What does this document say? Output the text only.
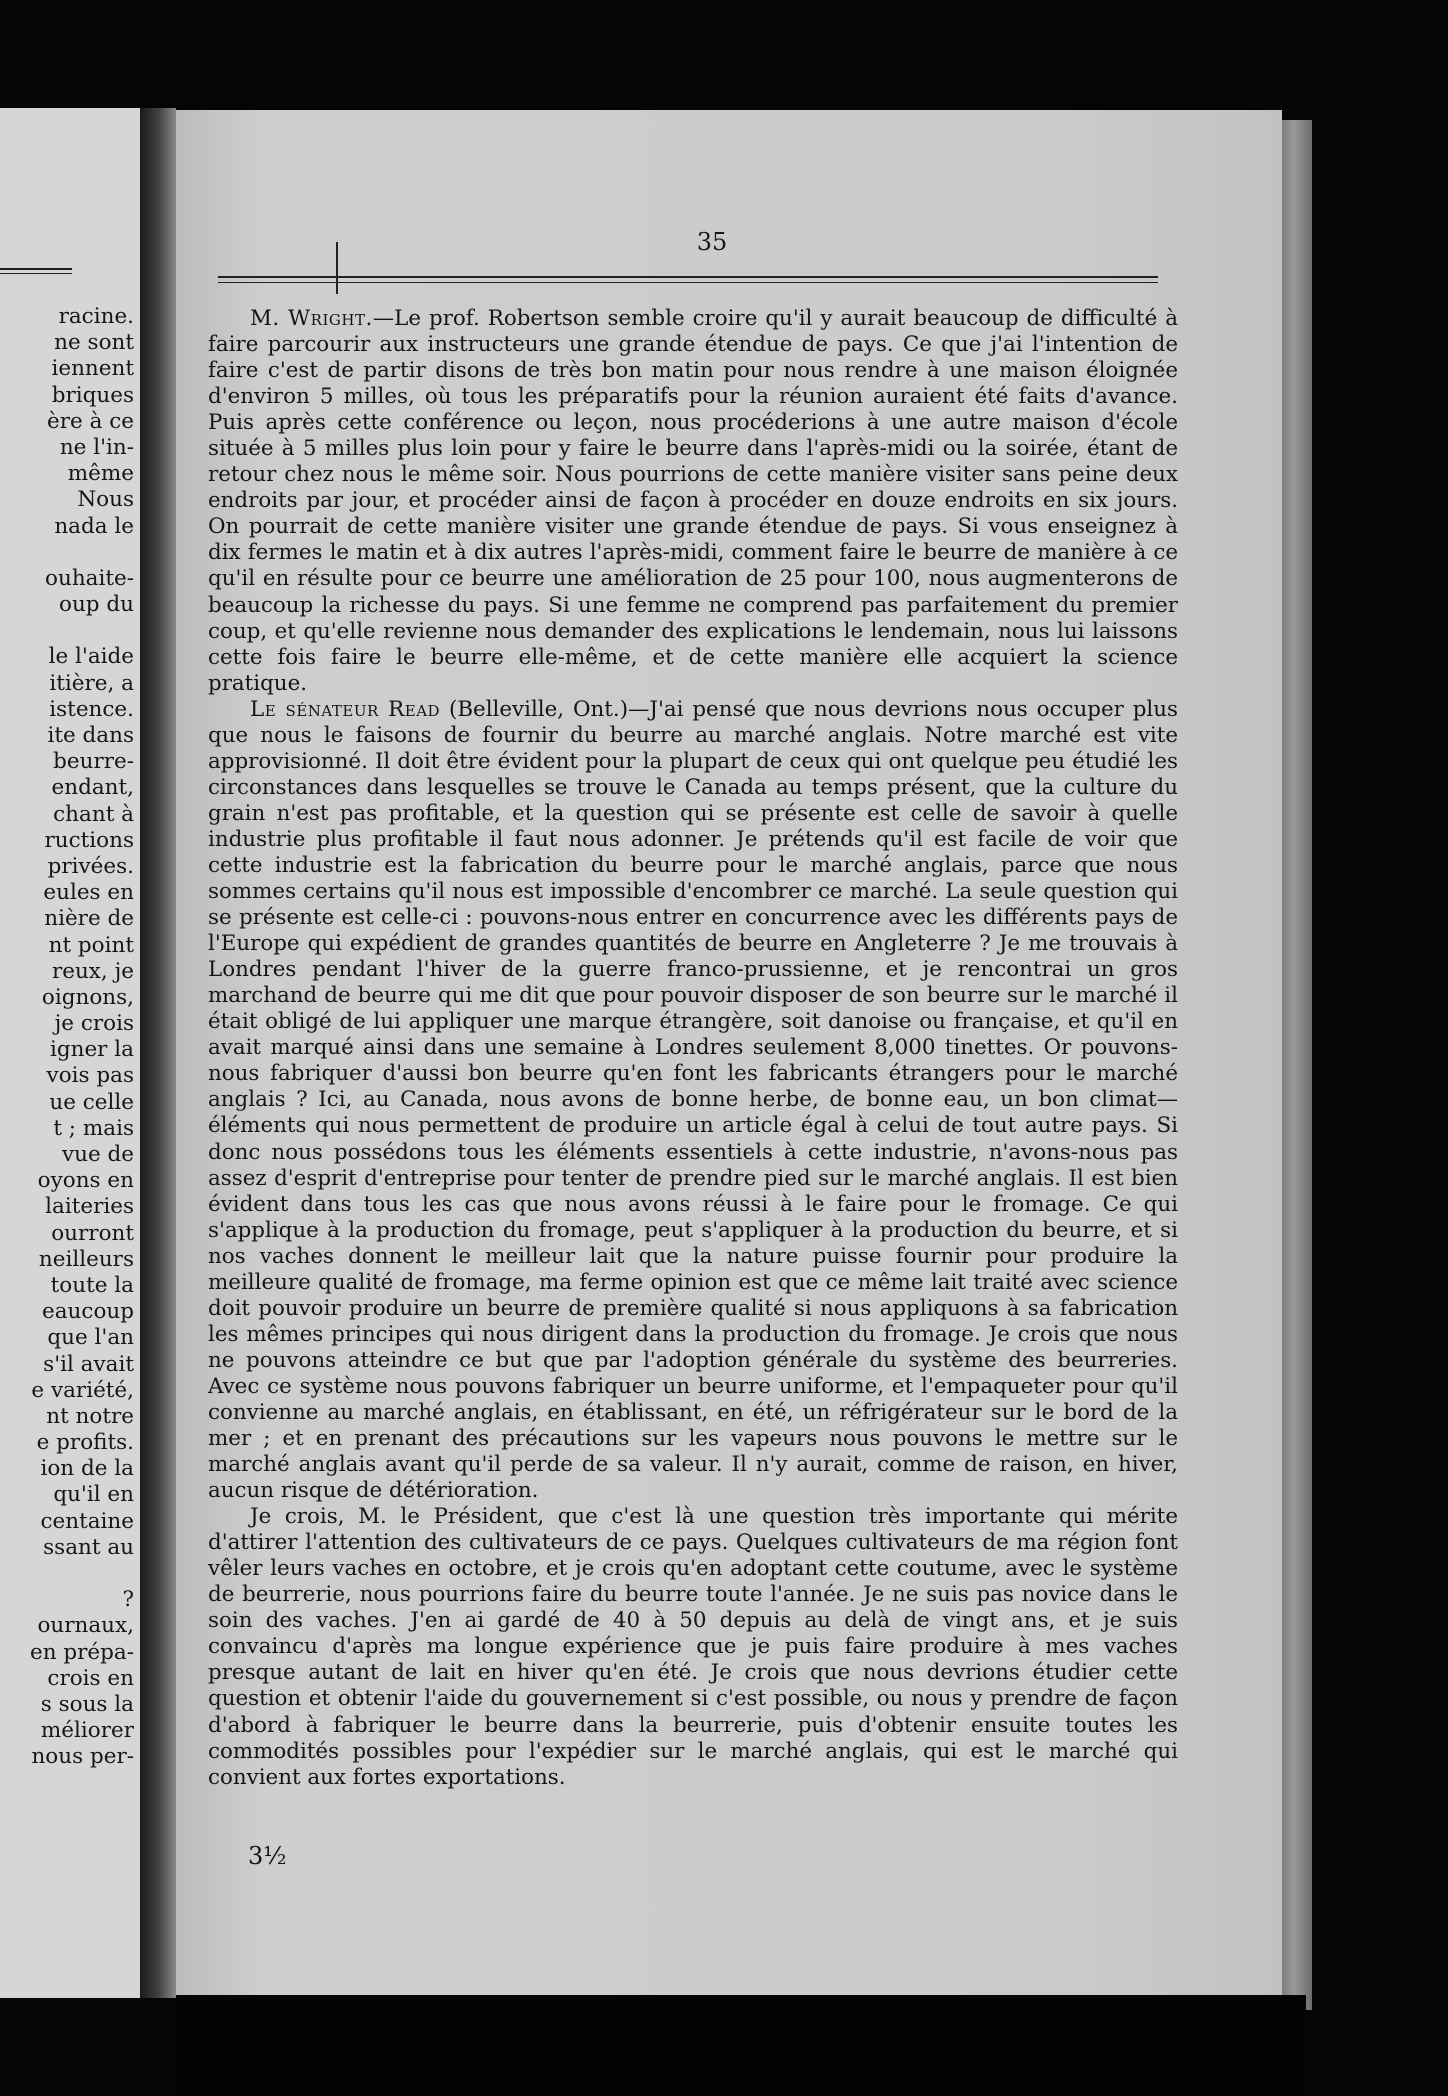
racine.
ne sont
iennent
briques
ère à ce
ne l'in-
même
Nous
nada le
ouhaite-
oup du
le l'aide
itière, a
istence.
ite dans
beurre-
endant,
chant à
ructions
privées.
eules en
nière de
nt point
reux, je
oignons,
je crois
igner la
vois pas
ue celle
t ; mais
vue de
oyons en
laiteries
ourront
neilleurs
toute la
eaucoup
que l'an
s'il avait
e variété,
nt notre
e profits.
ion de la
qu'il en
centaine
ssant au
?
ournaux,
en prépa-
crois en
s sous la
méliorer
nous per-
35

M. Wright.—Le prof. Robertson semble croire qu'il y aurait beaucoup de difficulté à faire parcourir aux instructeurs une grande étendue de pays. Ce que j'ai l'intention de faire c'est de partir disons de très bon matin pour nous rendre à une maison éloignée d'environ 5 milles, où tous les préparatifs pour la réunion auraient été faits d'avance. Puis après cette conférence ou leçon, nous procéderions à une autre maison d'école située à 5 milles plus loin pour y faire le beurre dans l'après-midi ou la soirée, étant de retour chez nous le même soir. Nous pourrions de cette manière visiter sans peine deux endroits par jour, et procéder ainsi de façon à procéder en douze endroits en six jours. On pourrait de cette manière visiter une grande étendue de pays. Si vous enseignez à dix fermes le matin et à dix autres l'après-midi, comment faire le beurre de manière à ce qu'il en résulte pour ce beurre une amélioration de 25 pour 100, nous augmenterons de beaucoup la richesse du pays. Si une femme ne comprend pas parfaitement du premier coup, et qu'elle revienne nous demander des explications le lendemain, nous lui laissons cette fois faire le beurre elle-même, et de cette manière elle acquiert la science pratique.

Le sénateur Read (Belleville, Ont.)—J'ai pensé que nous devrions nous occuper plus que nous le faisons de fournir du beurre au marché anglais. Notre marché est vite approvisionné. Il doit être évident pour la plupart de ceux qui ont quelque peu étudié les circonstances dans lesquelles se trouve le Canada au temps présent, que la culture du grain n'est pas profitable, et la question qui se présente est celle de savoir à quelle industrie plus profitable il faut nous adonner. Je prétends qu'il est facile de voir que cette industrie est la fabrication du beurre pour le marché anglais, parce que nous sommes certains qu'il nous est impossible d'encombrer ce marché. La seule question qui se présente est celle-ci : pouvons-nous entrer en concurrence avec les différents pays de l'Europe qui expédient de grandes quantités de beurre en Angleterre ? Je me trouvais à Londres pendant l'hiver de la guerre franco-prussienne, et je rencontrai un gros marchand de beurre qui me dit que pour pouvoir disposer de son beurre sur le marché il était obligé de lui appliquer une marque étrangère, soit danoise ou française, et qu'il en avait marqué ainsi dans une semaine à Londres seulement 8,000 tinettes. Or pouvons-nous fabriquer d'aussi bon beurre qu'en font les fabricants étrangers pour le marché anglais ? Ici, au Canada, nous avons de bonne herbe, de bonne eau, un bon climat—éléments qui nous permettent de produire un article égal à celui de tout autre pays. Si donc nous possédons tous les éléments essentiels à cette industrie, n'avons-nous pas assez d'esprit d'entreprise pour tenter de prendre pied sur le marché anglais. Il est bien évident dans tous les cas que nous avons réussi à le faire pour le fromage. Ce qui s'applique à la production du fromage, peut s'appliquer à la production du beurre, et si nos vaches donnent le meilleur lait que la nature puisse fournir pour produire la meilleure qualité de fromage, ma ferme opinion est que ce même lait traité avec science doit pouvoir produire un beurre de première qualité si nous appliquons à sa fabrication les mêmes principes qui nous dirigent dans la production du fromage. Je crois que nous ne pouvons atteindre ce but que par l'adoption générale du système des beurreries. Avec ce système nous pouvons fabriquer un beurre uniforme, et l'empaqueter pour qu'il convienne au marché anglais, en établissant, en été, un réfrigérateur sur le bord de la mer ; et en prenant des précautions sur les vapeurs nous pouvons le mettre sur le marché anglais avant qu'il perde de sa valeur. Il n'y aurait, comme de raison, en hiver, aucun risque de détérioration.

Je crois, M. le Président, que c'est là une question très importante qui mérite d'attirer l'attention des cultivateurs de ce pays. Quelques cultivateurs de ma région font vêler leurs vaches en octobre, et je crois qu'en adoptant cette coutume, avec le système de beurrerie, nous pourrions faire du beurre toute l'année. Je ne suis pas novice dans le soin des vaches. J'en ai gardé de 40 à 50 depuis au delà de vingt ans, et je suis convaincu d'après ma longue expérience que je puis faire produire à mes vaches presque autant de lait en hiver qu'en été. Je crois que nous devrions étudier cette question et obtenir l'aide du gouvernement si c'est possible, ou nous y prendre de façon d'abord à fabriquer le beurre dans la beurrerie, puis d'obtenir ensuite toutes les commodités possibles pour l'expédier sur le marché anglais, qui est le marché qui convient aux fortes exportations.

3½
